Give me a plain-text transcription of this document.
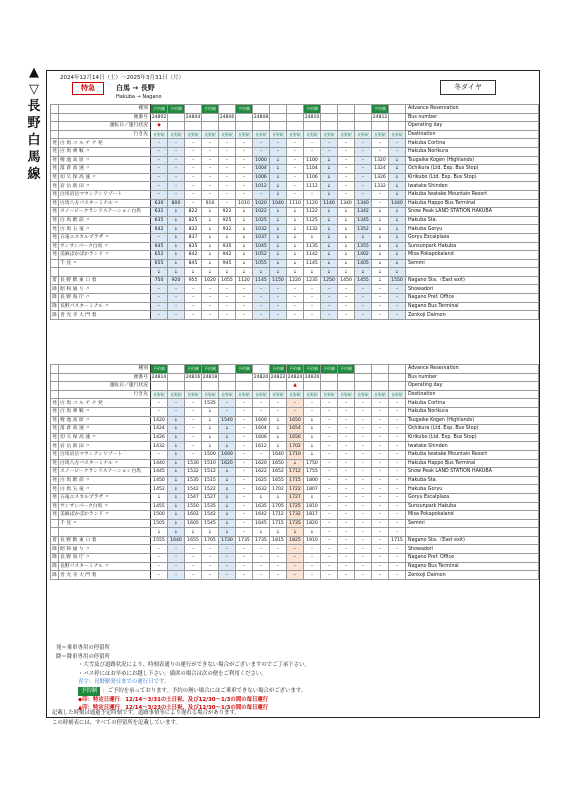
▲
▽
長
野
白
馬
線
2024年12月14日（土）～2025年3月31日（月）
特急	白馬 → 長野
Hakuba → Nagano
冬ダイヤ
	種別	予約制	予約制		予約制		予約制				予約制				予約制		Advance Reservation
	便番号	24802		24804		24806		24808			24810				24812		Bus number
	運転日／運行状況	◆															Operating day
	行き先	長野駅	長野駅	長野駅	長野駅	長野駅	長野駅	長野駅	長野駅	長野駅	長野駅	長野駅	長野駅	長野駅	長野駅	長野駅	Destination
発	白 馬 コ ル チ ナ 発	–	–	–	–	–	–	–	–	–	–	–	–	–	–	–	Hakuba Cortina
発	白 馬 乗 鞍 〃	–	–	–	–	–	–	–	–	–	–	–	–	–	–	–	Hakuba Norikura
発	栂 池 高 原 〃	–	–	–	–	–	–	1000	↓	–	1100	↓	–	–	1320	↓	Tsugaike Kogen (Highlands)
発	落 倉 高 速 〃	–	–	–	–	–	–	1004	↓	–	1104	↓	–	–	1324	↓	Ochikura (Ltd. Exp. Bus Stop)
発	切 久 保 高 速 〃	–	–	–	–	–	–	1006	↓	–	1106	↓	–	–	1326	↓	Kirikubo (Ltd. Exp. Bus Stop)
発	岩 岳 新 田 〃	–	–	–	–	–	–	1012	↓	–	1112	↓	–	–	1332	↓	Iwatake Shinden
発	白馬岩岳マウンテンリゾート	–	–	–	–	–	–	–	↓	–	–	↓	–	–	–	↓	Hakuba Iwatake Mountain Resort
発	白馬八方バスターミナル 〃	630	800	–	910	–	1010	1020	1040	1110	1120	1140	1340	1340	–	1440	Hakuba Happo Bus Terminal
発	スノーピークランドステーション白馬	632	↓	822	↓	922	↓	1022	↓	↓	1122	↓	↓	1342	↓	↓	Snow Peak LAND STATION HAKUBA
発	白 馬 駅 前 〃	635	↓	825	↓	925	↓	1025	↓	↓	1125	↓	↓	1345	↓	↓	Hakuba Sta.
発	白 馬 五 竜 〃	642	↓	832	↓	932	↓	1032	↓	↓	1132	↓	↓	1352	↓	↓	Hakuba Goryu
発	五竜エスカルプラザ 〃	–	↓	837	↓	↓	↓	1037	↓	↓	↓	↓	↓	↓	↓	↓	Goryu Escalplaza
発	サンサンパーク白馬 〃	645	↓	835	↓	935	↓	1045	↓	↓	1135	↓	↓	1355	↓	↓	Sunsunpark Hakuba
発	美麻ぱかぽかランド 〃	652	↓	842	↓	942	↓	1052	↓	↓	1142	↓	↓	1402	↓	↓	Misa Pokapokaland
	千 見 〃	655	↓	845	↓	945	↓	1055	↓	↓	1145	↓	↓	1405	↓	↓	Semmi
		↓	↓	↓	↓	↓	↓	↓	↓	↓	↓	↓	↓	↓	↓	↓	
着	長 野 駅 東 口 着	750	920	955	1020	1055	1120	1145	1150	1220	1235	1250	1450	1455	↓	1550	Nagano Sta.（East exit)
降	昭 和 通 り 〃	–	–	–	–	–	–	–	–	–	–	–	–	–	–	–	Showadori
降	長 野 県 庁 〃	–	–	–	–	–	–	–	–	–	–	–	–	–	–	–	Nagano Pref. Office
降	長野バスターミナル 〃	–	–	–	–	–	–	–	–	–	–	–	–	–	–	–	Nagano Bus Terminal
降	善 光 寺 大 門 着	–	–	–	–	–	–	–	–	–	–	–	–	–	–	–	Zenkoji Daimon
	種別	予約制		予約制	予約制		予約制		予約制	予約制	予約制	予約制	予約制				Advance Reservation
	便番号	24814		24816	24818			24820	24822	24824	24826						Bus number
	運転日／運行状況									▲							Operating day
	行き先	長野駅	長野駅	長野駅	長野駅	長野駅	長野駅	長野駅	長野駅	長野駅	長野駅	長野駅	長野駅	長野駅	長野駅	長野駅	Destination
発	白 馬 コ ル チ ナ 発	–	–	–	1535	–	–	–	–	–	–	–	–	–	–	–	Hakuba Cortina
発	白 馬 乗 鞍 〃	–	–	–	↓	–	–	–	–	–	–	–	–	–	–	–	Hakuba Norikura
発	栂 池 高 原 〃	1420	↓	–	↓	1540	–	1600	↓	1650	↓	–	–	–	–	–	Tsugaike Kogen (Highlands)
発	落 倉 高 速 〃	1424	↓	–	↓	↓	–	1604	↓	1654	↓	–	–	–	–	–	Ochikura (Ltd. Exp. Bus Stop)
発	切 久 保 高 速 〃	1426	↓	–	↓	↓	–	1606	↓	1656	↓	–	–	–	–	–	Kirikubo (Ltd. Exp. Bus Stop)
発	岩 岳 新 田 〃	1432	↓	–	↓	↓	–	1612	↓	1702	↓	–	–	–	–	–	Iwatake Shinden
発	白馬岩岳マウンテンリゾート	–	↓	–	1500	1600	–	–	1640	1710	↓	–	–	–	–	–	Hakuba Iwatake Mountain Resort
発	白馬八方バスターミナル 〃	1440	↓	1530	1510	1620	–	1620	1650	↓	1750	–	–	–	–	–	Hakuba Happo Bus Terminal
発	スノーピークランドステーション白馬	1445	↓	1532	1512	↓	–	1622	1652	1712	1755	–	–	–	–	–	Snow Peak LAND STATION HAKUBA
発	白 馬 駅 前 〃	1450	↓	1535	1515	↓	–	1625	1655	1715	1800	–	–	–	–	–	Hakuba Sta.
発	白 馬 五 竜 〃	1452	↓	1542	1522	↓	–	1632	1702	1722	1807	–	–	–	–	–	Hakuba Goryu
発	五竜エスカルプラザ 〃	↓	↓	1547	1527	↓	–	↓	↓	1727	↓	–	–	–	–	–	Goryu Escalplaza
発	サンサンパーク白馬 〃	1455	↓	1550	1535	↓	–	1635	1705	1725	1810	–	–	–	–	–	Sunsunpark Hakuba
発	美麻ぱかぽかランド 〃	1500	↓	1602	1542	↓	–	1642	1712	1732	1817	–	–	–	–	–	Misa Pokapokaland
	千 見 〃	1505	↓	1605	1545	↓	–	1645	1715	1735	1820	–	–	–	–	–	Semmi
		↓	↓	↓	↓	↓	–	↓	↓	↓	↓	–	–	–	–	–	
着	長 野 駅 東 口 着	1555	1640	1655	1705	1730	1735	1735	1815	1825	1910	–	–	–	–	1715	Nagano Sta.（East exit)
降	昭 和 通 り 〃	–	–	–	–	–	–	–	–	–	–	–	–	–	–	–	Showadori
降	長 野 県 庁 〃	–	–	–	–	–	–	–	–	–	–	–	–	–	–	–	Nagano Pref. Office
降	長野バスターミナル 〃	–	–	–	–	–	–	–	–	–	–	–	–	–	–	–	Nagano Bus Terminal
降	善 光 寺 大 門 着	–	–	–	–	–	–	–	–	–	–	–	–	–	–	–	Zenkoji Daimon
発＝乗車専用の停留所
降＝降車専用の停留所
・大雪及び道路状況により、時刻表通りの運行ができない場合がございますのでご了承下さい。
・バス停にはお早めにお越し下さい。満席の場合は次の便をご利用ください。
青字：長野駅発日までの運行日です。
予約制 ：ご予約を承っております。予約の無い場合にはご乗車できない場合がございます。
◆印：特定日運行　12/14～3/31の土日祝、及び12/30～1/3の間の毎日運行
▲印：特定日運行　12/14～3/23の土日祝、及び12/30～1/3の間の毎日運行
記載した時刻は通過予定時刻です。道路事情等により遅れる場合があります。
この時刻表には、すべての停留所を記載しています。
